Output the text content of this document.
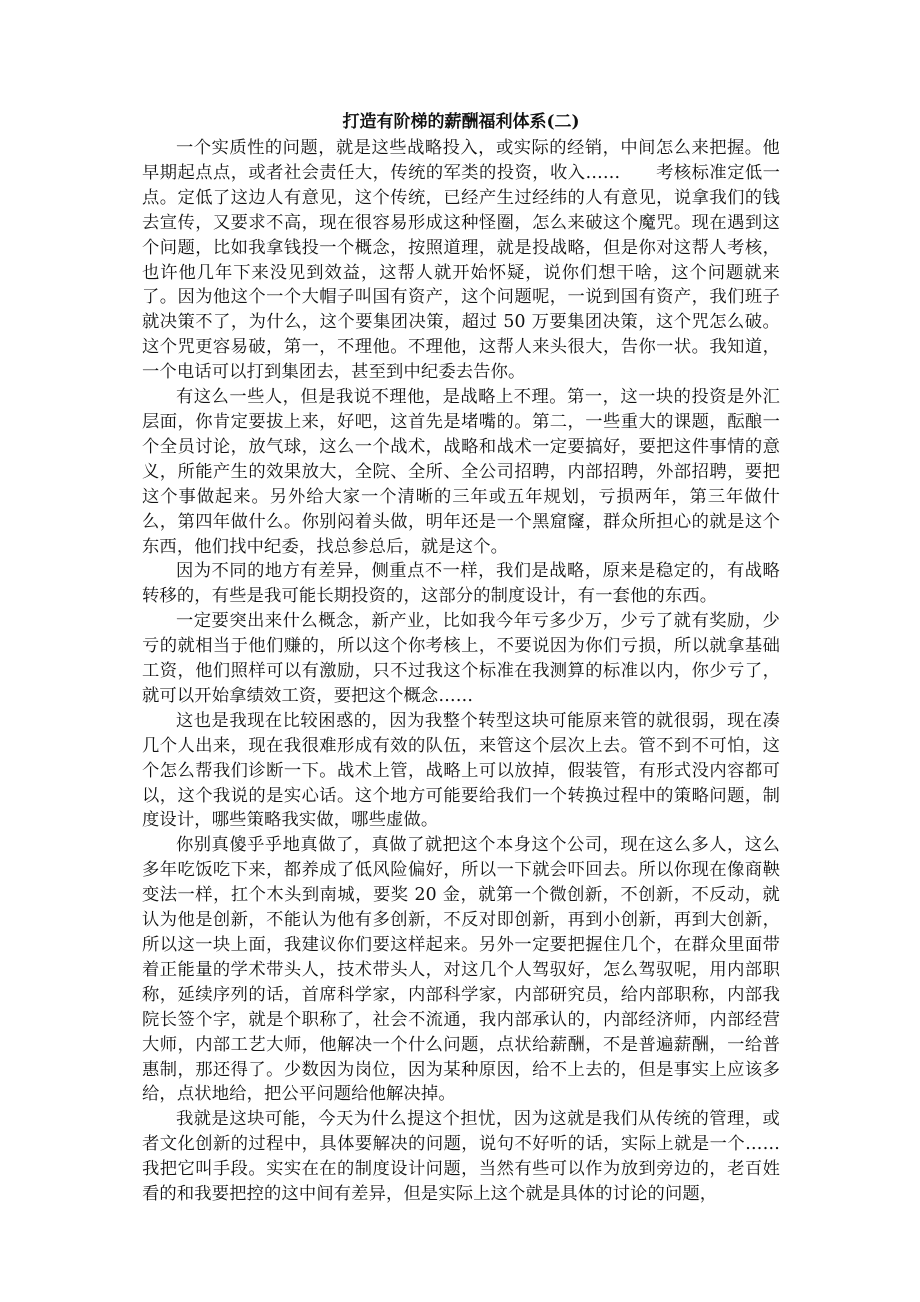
打造有阶梯的薪酬福利体系(二)

一个实质性的问题，就是这些战略投入，或实际的经销，中间怎么来把握。他早期起点点，或者社会责任大，传统的军类的投资，收入……　　考核标准定低一点。定低了这边人有意见，这个传统，已经产生过经纬的人有意见，说拿我们的钱去宣传，又要求不高，现在很容易形成这种怪圈，怎么来破这个魔咒。现在遇到这个问题，比如我拿钱投一个概念，按照道理，就是投战略，但是你对这帮人考核，也许他几年下来没见到效益，这帮人就开始怀疑，说你们想干啥，这个问题就来了。因为他这个一个大帽子叫国有资产，这个问题呢，一说到国有资产，我们班子就决策不了，为什么，这个要集团决策，超过 50 万要集团决策，这个咒怎么破。这个咒更容易破，第一，不理他。不理他，这帮人来头很大，告你一状。我知道，一个电话可以打到集团去，甚至到中纪委去告你。

有这么一些人，但是我说不理他，是战略上不理。第一，这一块的投资是外汇层面，你肯定要拔上来，好吧，这首先是堵嘴的。第二，一些重大的课题，酝酿一个全员讨论，放气球，这么一个战术，战略和战术一定要搞好，要把这件事情的意义，所能产生的效果放大，全院、全所、全公司招聘，内部招聘，外部招聘，要把这个事做起来。另外给大家一个清晰的三年或五年规划，亏损两年，第三年做什么，第四年做什么。你别闷着头做，明年还是一个黑窟窿，群众所担心的就是这个东西，他们找中纪委，找总参总后，就是这个。

因为不同的地方有差异，侧重点不一样，我们是战略，原来是稳定的，有战略转移的，有些是我可能长期投资的，这部分的制度设计，有一套他的东西。

一定要突出来什么概念，新产业，比如我今年亏多少万，少亏了就有奖励，少亏的就相当于他们赚的，所以这个你考核上，不要说因为你们亏损，所以就拿基础工资，他们照样可以有激励，只不过我这个标准在我测算的标准以内，你少亏了，就可以开始拿绩效工资，要把这个概念……

这也是我现在比较困惑的，因为我整个转型这块可能原来管的就很弱，现在凑几个人出来，现在我很难形成有效的队伍，来管这个层次上去。管不到不可怕，这个怎么帮我们诊断一下。战术上管，战略上可以放掉，假装管，有形式没内容都可以，这个我说的是实心话。这个地方可能要给我们一个转换过程中的策略问题，制度设计，哪些策略我实做，哪些虚做。

你别真傻乎乎地真做了，真做了就把这个本身这个公司，现在这么多人，这么多年吃饭吃下来，都养成了低风险偏好，所以一下就会吓回去。所以你现在像商鞅变法一样，扛个木头到南城，要奖 20 金，就第一个微创新，不创新，不反动，就认为他是创新，不能认为他有多创新，不反对即创新，再到小创新，再到大创新，所以这一块上面，我建议你们要这样起来。另外一定要把握住几个，在群众里面带着正能量的学术带头人，技术带头人，对这几个人驾驭好，怎么驾驭呢，用内部职称，延续序列的话，首席科学家，内部科学家，内部研究员，给内部职称，内部我院长签个字，就是个职称了，社会不流通，我内部承认的，内部经济师，内部经营大师，内部工艺大师，他解决一个什么问题，点状给薪酬，不是普遍薪酬，一给普惠制，那还得了。少数因为岗位，因为某种原因，给不上去的，但是事实上应该多给，点状地给，把公平问题给他解决掉。

我就是这块可能，今天为什么提这个担忧，因为这就是我们从传统的管理，或者文化创新的过程中，具体要解决的问题，说句不好听的话，实际上就是一个……我把它叫手段。实实在在的制度设计问题，当然有些可以作为放到旁边的，老百姓看的和我要把控的这中间有差异，但是实际上这个就是具体的讨论的问题，
